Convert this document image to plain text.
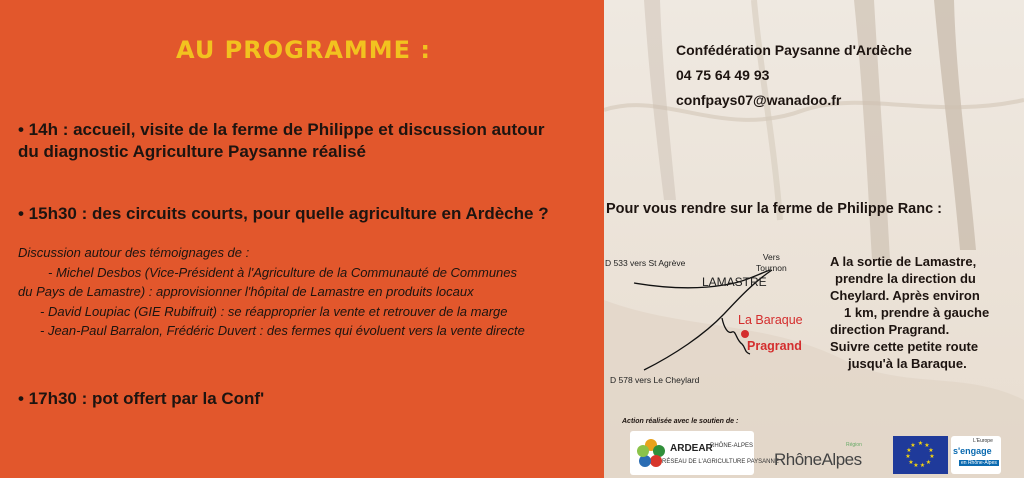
AU PROGRAMME :
• 14h : accueil, visite de la ferme de Philippe et discussion autour
du diagnostic Agriculture Paysanne réalisé
• 15h30 : des circuits courts, pour quelle agriculture en Ardèche ?
Discussion autour des témoignages de :
- Michel Desbos (Vice-Président à l'Agriculture de la Communauté de Communes
du Pays de Lamastre) : approvisionner l'hôpital de Lamastre en produits locaux
- David Loupiac (GIE Rubifruit) : se réapproprier la vente et retrouver de la marge
- Jean-Paul Barralon, Frédéric Duvert : des fermes qui évoluent vers la vente directe
• 17h30 : pot offert par la Conf'
Confédération Paysanne d'Ardèche
04 75 64 49 93
confpays07@wanadoo.fr
Pour vous rendre sur la ferme de Philippe Ranc :
D 533 vers St Agrève
Vers
Tournon
LAMASTRE
La Baraque
Pragrand
D 578 vers Le Cheylard
A la sortie de Lamastre,
prendre la direction du
Cheylard. Après environ
1 km, prendre à gauche
direction Pragrand.
Suivre cette petite route
jusqu'à la Baraque.
Action réalisée avec le soutien de :
ARDEAR
RHÔNE-ALPES
RÉSEAU DE L'AGRICULTURE PAYSANNE
Région
RhôneAlpes
★ ★
★
★
★
★
★
★
★
★
★
L'Europe
s'engage
en Rhône-Alpes
